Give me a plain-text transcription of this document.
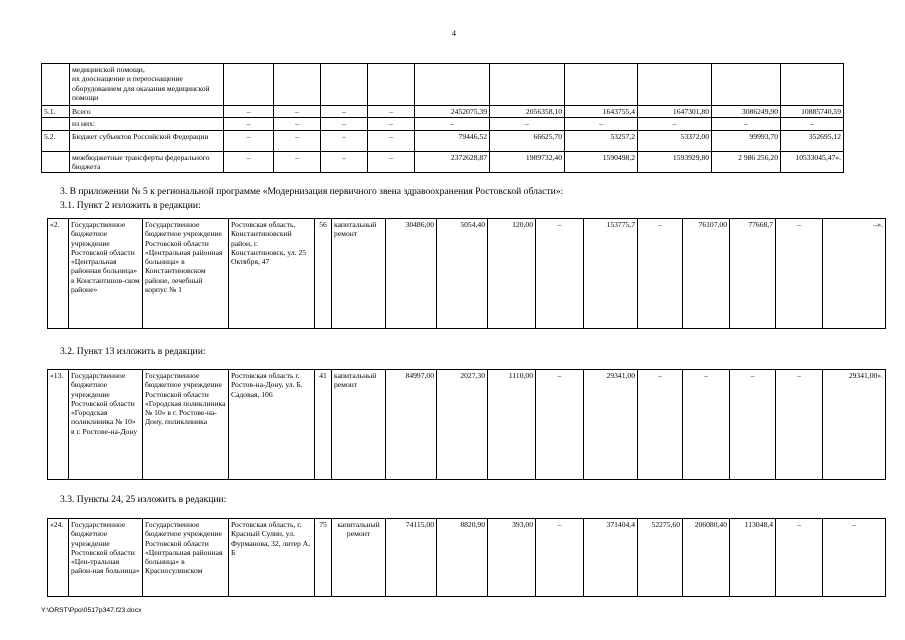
4
	медицинской помощи,
их дооснащение и переоснащение оборудованием для оказания медицинской помощи										
5.1.	Всего	–	–	–	–	2452075,39	2056358,10	1643755,4	1647301,80	3086249,90	10885740,59
	из них:	–	–	–	–	–	–	–	–	–	–
5.2.	Бюджет субъектов Российской Федерации	–	–	–	–	79446,52	66625,70	53257,2	53372,00	99993,70	352695,12
	межбюджетные трансферты федерального бюджета	–	–	–	–	2372628,87	1989732,40	1590498,2	1593929,80	2 986 256,20	10533045,47».
3. В приложении № 5 к региональной программе «Модернизация первичного звена здравоохранения Ростовской области»:
3.1. Пункт 2 изложить в редакции:
«2.	Государственное бюджетное учреждение Ростовской области «Центральная районная больница» в Константинов-ском районе»	Государственное бюджетное учреждение Ростовской области «Центральная районная больница» в Константиновском районе, лечебный корпус № 1	Ростовская область, Константиновский район, г. Константиновск, ул. 25 Октября, 47	56	капитальный ремонт	30486,00	5054,40	120,00	–	153775,7	–	76107,00	77668,7	–	–».
3.2. Пункт 13 изложить в редакции:
«13.	Государственное бюджетное учреждение Ростовской области «Городская поликлиника № 10» в г. Ростове-на-Дону	Государственное бюджетное учреждение Ростовской области «Городская поликлиника № 10» в г. Ростове-на-Дону, поликлиника	Ростовская область г. Ростов-на-Дону, ул. Б. Садовая, 106	41	капитальный ремонт	84997,00	2027,30	1110,00	–	29341,00	–	–	–	–	29341,00».
3.3. Пункты 24, 25 изложить в редакции:
«24.	Государственное бюджетное учреждение Ростовской области «Цен-тральная район-ная больница»	Государственное бюджетное учреждение Ростовской области «Центральная районная больница» в Красносулинском	Ростовская область, г. Красный Сулин, ул. Фурманова, 32, литер А, Б	75	капитальный ремонт	74115,00	8820,90	393,00	–	371404,4	52275,60	206080,40	113048,4	–	–
Y:\ORST\Ppo\0517p347.f23.docx
